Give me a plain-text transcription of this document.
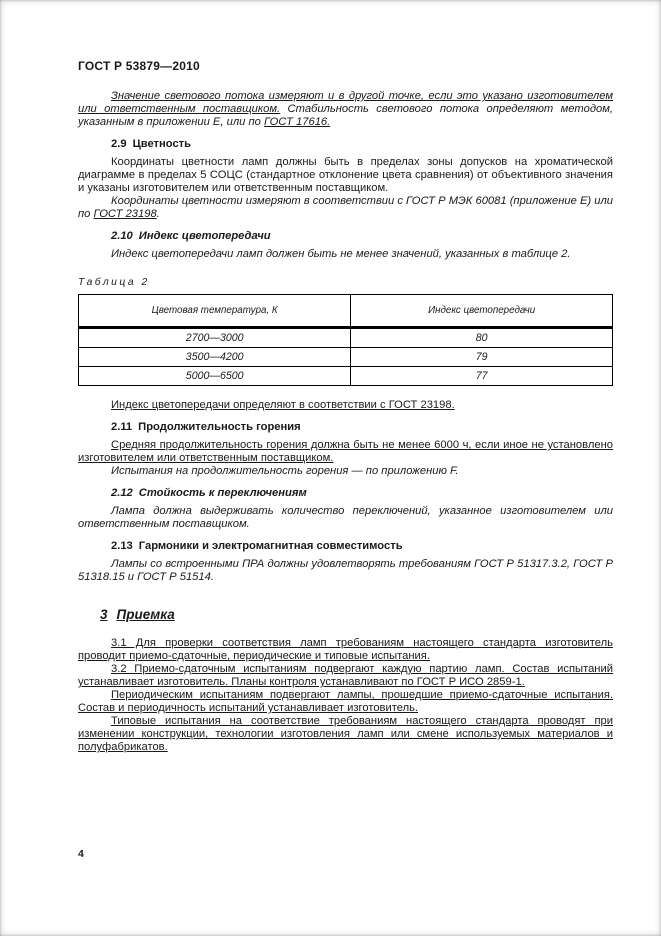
ГОСТ Р 53879—2010

Значение светового потока измеряют и в другой точке, если это указано изготовителем или ответственным поставщиком. Стабильность светового потока определяют методом, указанным в приложении Е, или по ГОСТ 17616.

2.9 Цветность

Координаты цветности ламп должны быть в пределах зоны допусков на хроматической диаграмме в пределах 5 СОЦС (стандартное отклонение цвета сравнения) от объективного значения и указаны изготовителем или ответственным поставщиком.

Координаты цветности измеряют в соответствии с ГОСТ Р МЭК 60081 (приложение Е) или по ГОСТ 23198.

2.10 Индекс цветопередачи

Индекс цветопередачи ламп должен быть не менее значений, указанных в таблице 2.

Таблица 2
Цветовая температура, К	Индекс цветопередачи
2700—3000	80
3500—4200	79
5000—6500	77

Индекс цветопередачи определяют в соответствии с ГОСТ 23198.

2.11 Продолжительность горения

Средняя продолжительность горения должна быть не менее 6000 ч, если иное не установлено изготовителем или ответственным поставщиком.

Испытания на продолжительность горения — по приложению F.

2.12 Стойкость к переключениям

Лампа должна выдерживать количество переключений, указанное изготовителем или ответственным поставщиком.

2.13 Гармоники и электромагнитная совместимость

Лампы со встроенными ПРА должны удовлетворять требованиям ГОСТ Р 51317.3.2, ГОСТ Р 51318.15 и ГОСТ Р 51514.

3 Приемка

3.1 Для проверки соответствия ламп требованиям настоящего стандарта изготовитель проводит приемо-сдаточные, периодические и типовые испытания.

3.2 Приемо-сдаточным испытаниям подвергают каждую партию ламп. Состав испытаний устанавливает изготовитель. Планы контроля устанавливают по ГОСТ Р ИСО 2859-1.

Периодическим испытаниям подвергают лампы, прошедшие приемо-сдаточные испытания. Состав и периодичность испытаний устанавливает изготовитель.

Типовые испытания на соответствие требованиям настоящего стандарта проводят при изменении конструкции, технологии изготовления ламп или смене используемых материалов и полуфабрикатов.

4
